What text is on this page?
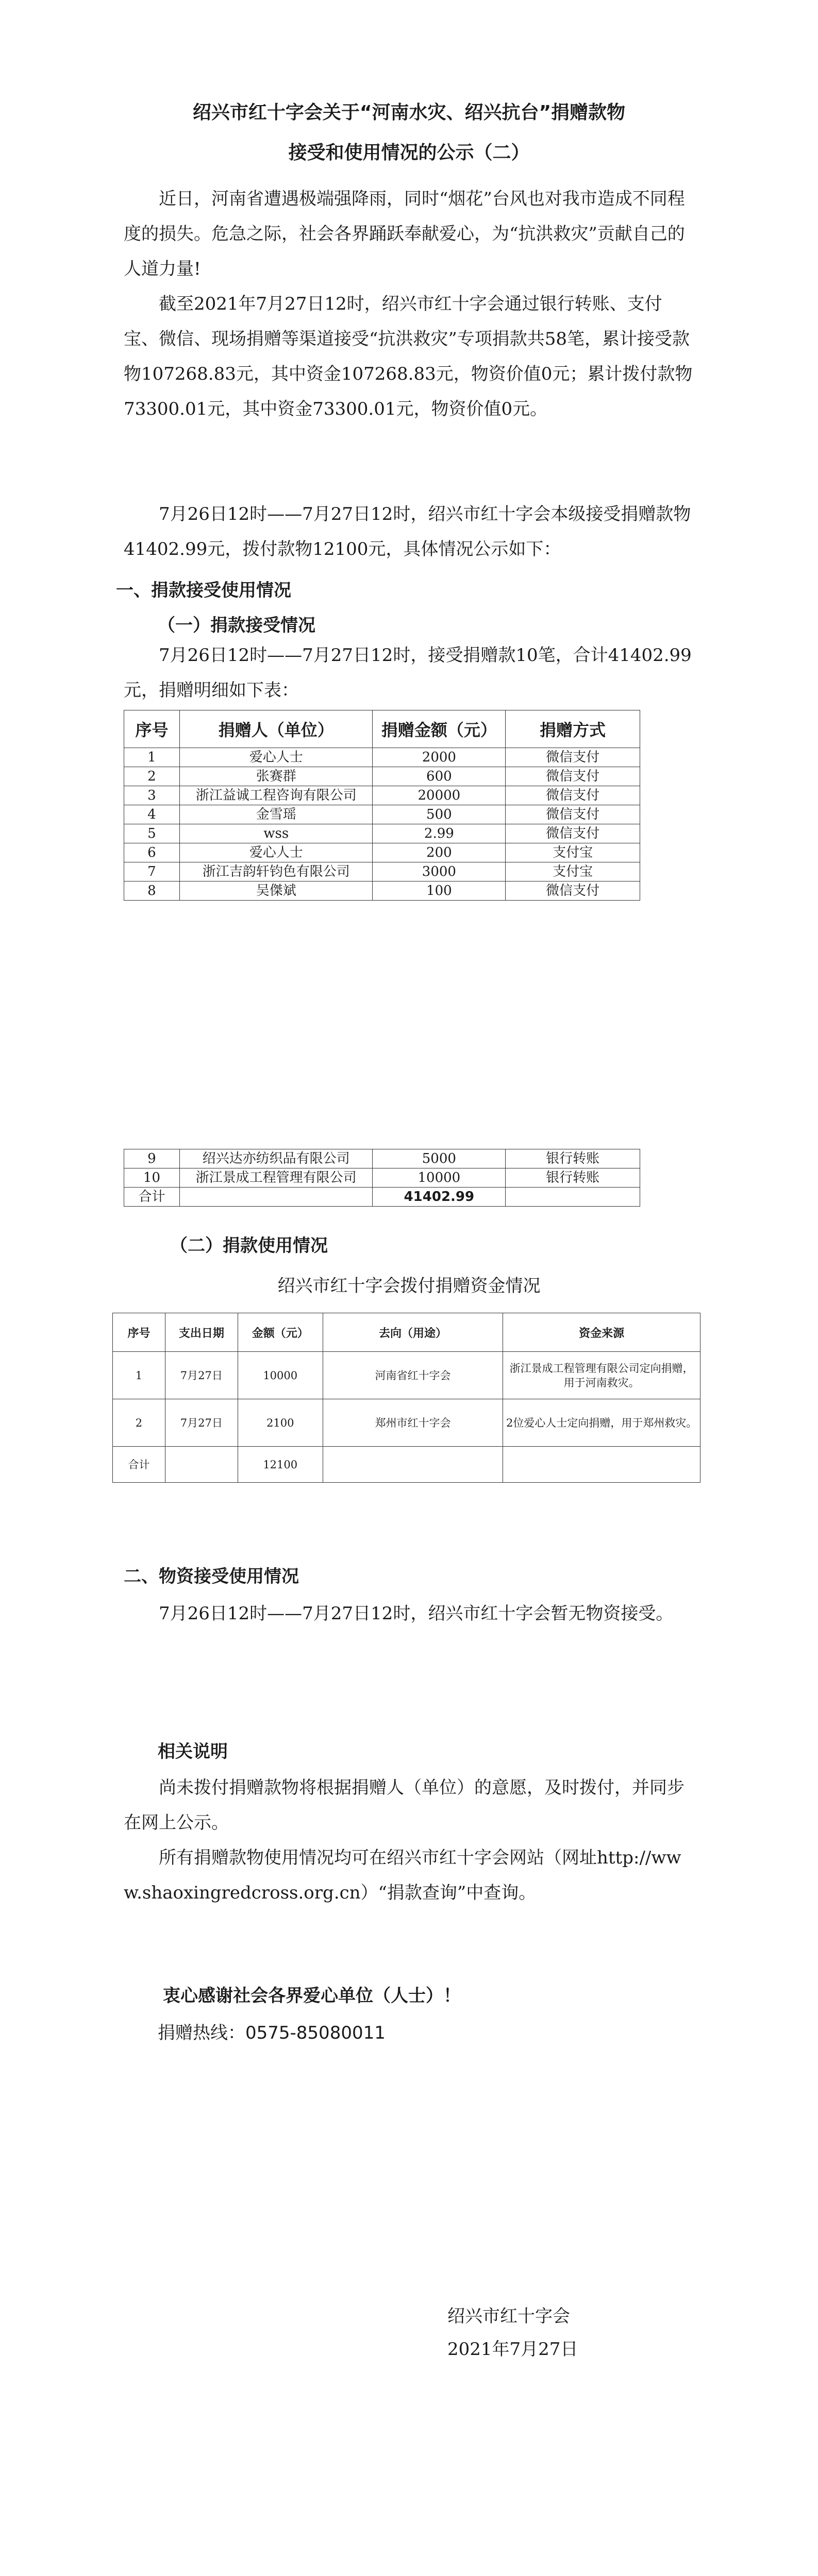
绍兴市红十字会关于“河南水灾、绍兴抗台”捐赠款物
接受和使用情况的公示（二）
近日，河南省遭遇极端强降雨，同时“烟花”台风也对我市造成不同程度的损失。危急之际，社会各界踊跃奉献爱心，为“抗洪救灾”贡献自己的人道力量!
截至2021年7月27日12时，绍兴市红十字会通过银行转账、支付宝、微信、现场捐赠等渠道接受“抗洪救灾”专项捐款共58笔，累计接受款物107268.83元，其中资金107268.83元，物资价值0元；累计拨付款物73300.01元，其中资金73300.01元，物资价值0元。
7月26日12时——7月27日12时，绍兴市红十字会本级接受捐赠款物41402.99元，拨付款物12100元，具体情况公示如下：
一、捐款接受使用情况
（一）捐款接受情况
7月26日12时——7月27日12时，接受捐赠款10笔，合计41402.99元，捐赠明细如下表：
序号	捐赠人（单位）	捐赠金额（元）	捐赠方式
1	爱心人士	2000	微信支付
2	张赛群	600	微信支付
3	浙江益诚工程咨询有限公司	20000	微信支付
4	金雪瑶	500	微信支付
5	wss	2.99	微信支付
6	爱心人士	200	支付宝
7	浙江吉韵轩钧色有限公司	3000	支付宝
8	吴傑斌	100	微信支付
9	绍兴达亦纺织品有限公司	5000	银行转账
10	浙江景成工程管理有限公司	10000	银行转账
合计		41402.99	
（二）捐款使用情况
绍兴市红十字会拨付捐赠资金情况
序号	支出日期	金额（元）	去向（用途）	资金来源
1	7月27日	10000	河南省红十字会	浙江景成工程管理有限公司定向捐赠，用于河南救灾。
2	7月27日	2100	郑州市红十字会	2位爱心人士定向捐赠，用于郑州救灾。
合计		12100		
二、物资接受使用情况
7月26日12时——7月27日12时，绍兴市红十字会暂无物资接受。
相关说明
尚未拨付捐赠款物将根据捐赠人（单位）的意愿，及时拨付，并同步在网上公示。
所有捐赠款物使用情况均可在绍兴市红十字会网站（网址http://www.shaoxingredcross.org.cn）“捐款查询”中查询。
衷心感谢社会各界爱心单位（人士）！
捐赠热线：0575-85080011
绍兴市红十字会
2021年7月27日
